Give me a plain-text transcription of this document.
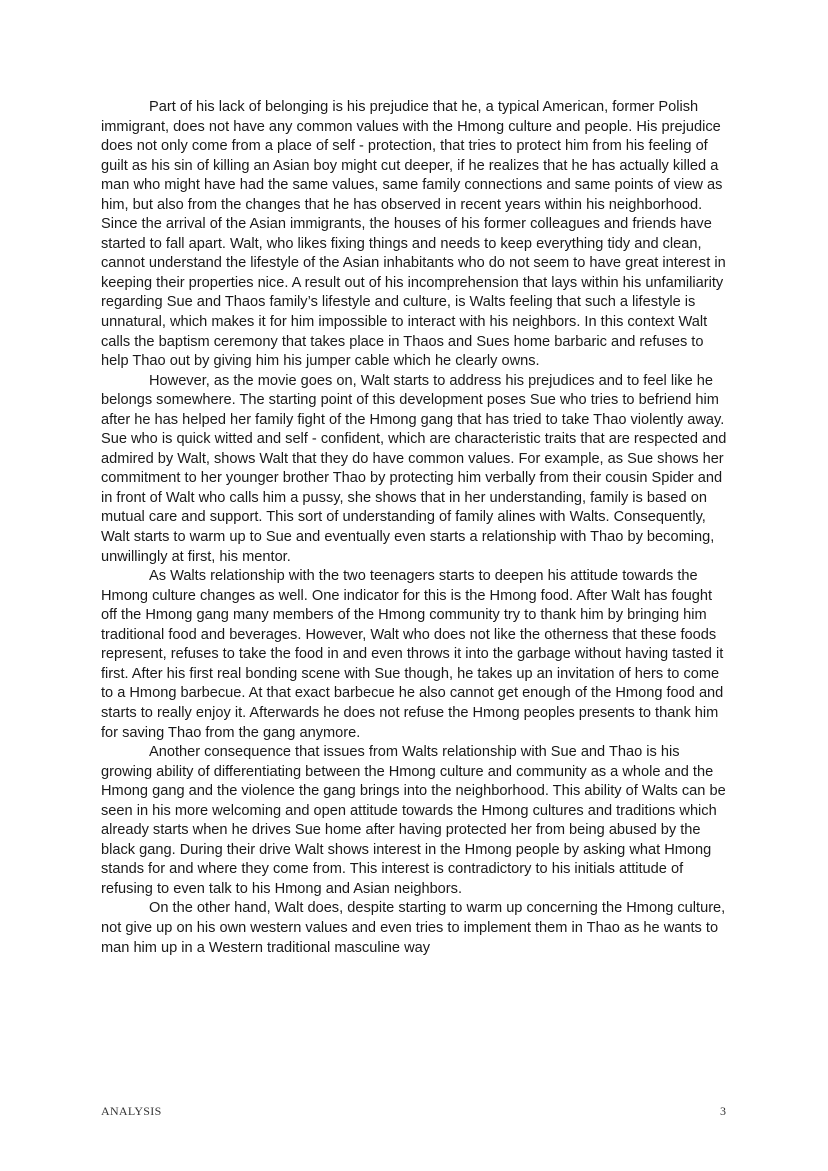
Part of his lack of belonging is his prejudice that he, a typical American, former Polish immigrant, does not have any common values with the Hmong culture and people. His prejudice does not only come from a place of self - protection, that tries to protect him from his feeling of guilt as his sin of killing an Asian boy might cut deeper, if he realizes that he has actually killed a man who might have had the same values, same family connections and same points of view as him, but also from the changes that he has observed in recent years within his neighborhood. Since the arrival of the Asian immigrants, the houses of his former colleagues and friends have started to fall apart. Walt, who likes fixing things and needs to keep everything tidy and clean, cannot understand the lifestyle of the Asian inhabitants who do not seem to have great interest in keeping their properties nice. A result out of his incomprehension that lays within his unfamiliarity regarding Sue and Thaos family’s lifestyle and culture, is Walts feeling that such a lifestyle is unnatural, which makes it for him impossible to interact with his neighbors. In this context Walt calls the baptism ceremony that takes place in Thaos and Sues home barbaric and refuses to help Thao out by giving him his jumper cable which he clearly owns.

However, as the movie goes on, Walt starts to address his prejudices and to feel like he belongs somewhere. The starting point of this development poses Sue who tries to befriend him after he has helped her family fight of the Hmong gang that has tried to take Thao violently away. Sue who is quick witted and self - confident, which are characteristic traits that are respected and admired by Walt, shows Walt that they do have common values. For example, as Sue shows her commitment to her younger brother Thao by protecting him verbally from their cousin Spider and in front of Walt who calls him a pussy, she shows that in her understanding, family is based on mutual care and support. This sort of understanding of family alines with Walts. Consequently, Walt starts to warm up to Sue and eventually even starts a relationship with Thao by becoming, unwillingly at first, his mentor.

As Walts relationship with the two teenagers starts to deepen his attitude towards the Hmong culture changes as well. One indicator for this is the Hmong food. After Walt has fought off the Hmong gang many members of the Hmong community try to thank him by bringing him traditional food and beverages. However, Walt who does not like the otherness that these foods represent, refuses to take the food in and even throws it into the garbage without having tasted it first. After his first real bonding scene with Sue though, he takes up an invitation of hers to come to a Hmong barbecue. At that exact barbecue he also cannot get enough of the Hmong food and starts to really enjoy it. Afterwards he does not refuse the Hmong peoples presents to thank him for saving Thao from the gang anymore.

Another consequence that issues from Walts relationship with Sue and Thao is his growing ability of differentiating between the Hmong culture and community as a whole and the Hmong gang and the violence the gang brings into the neighborhood. This ability of Walts can be seen in his more welcoming and open attitude towards the Hmong cultures and traditions which already starts when he drives Sue home after having protected her from being abused by the black gang. During their drive Walt shows interest in the Hmong people by asking what Hmong stands for and where they come from. This interest is contradictory to his initials attitude of refusing to even talk to his Hmong and Asian neighbors.

On the other hand, Walt does, despite starting to warm up concerning the Hmong culture, not give up on his own western values and even tries to implement them in Thao as he wants to man him up in a Western traditional masculine way

ANALYSIS	3
